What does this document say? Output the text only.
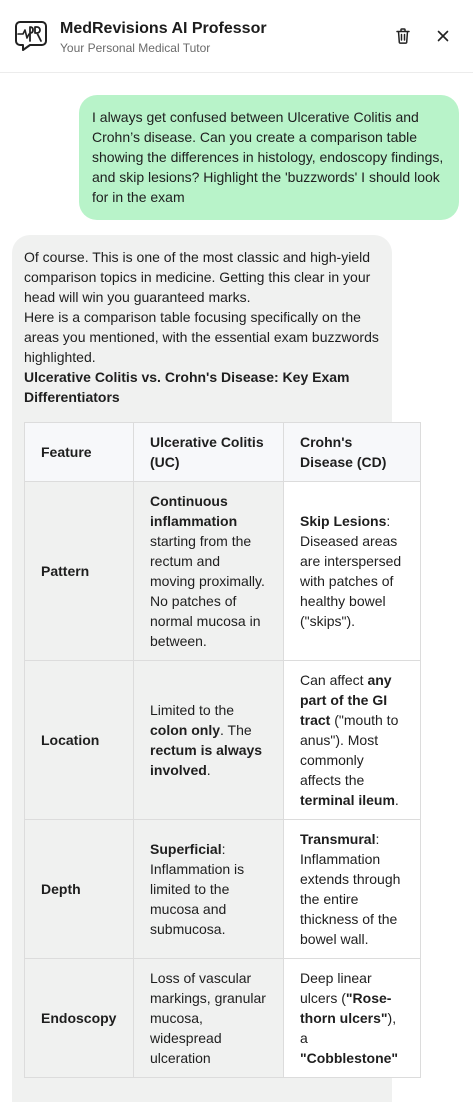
MedRevisions AI Professor
Your Personal Medical Tutor
I always get confused between Ulcerative Colitis and Crohn’s disease. Can you create a comparison table showing the differences in histology, endoscopy findings, and skip lesions? Highlight the 'buzzwords' I should look for in the exam

Of course. This is one of the most classic and high-yield comparison topics in medicine. Getting this clear in your head will win you guaranteed marks.

Here is a comparison table focusing specifically on the areas you mentioned, with the essential exam buzzwords highlighted.

Ulcerative Colitis vs. Crohn's Disease: Key Exam Differentiators

Feature	Ulcerative Colitis (UC)	Crohn's Disease (CD)
Pattern	Continuous inflammation starting from the rectum and moving proximally. No patches of normal mucosa in between.	Skip Lesions: Diseased areas are interspersed with patches of healthy bowel ("skips").
Location	Limited to the colon only. The rectum is always involved.	Can affect any part of the GI tract ("mouth to anus"). Most commonly affects the terminal ileum.
Depth	Superficial: Inflammation is limited to the mucosa and submucosa.	Transmural: Inflammation extends through the entire thickness of the bowel wall.
Endoscopy	Loss of vascular markings, granular mucosa, widespread ulceration	Deep linear ulcers ("Rose-thorn ulcers"), a "Cobblestone"
